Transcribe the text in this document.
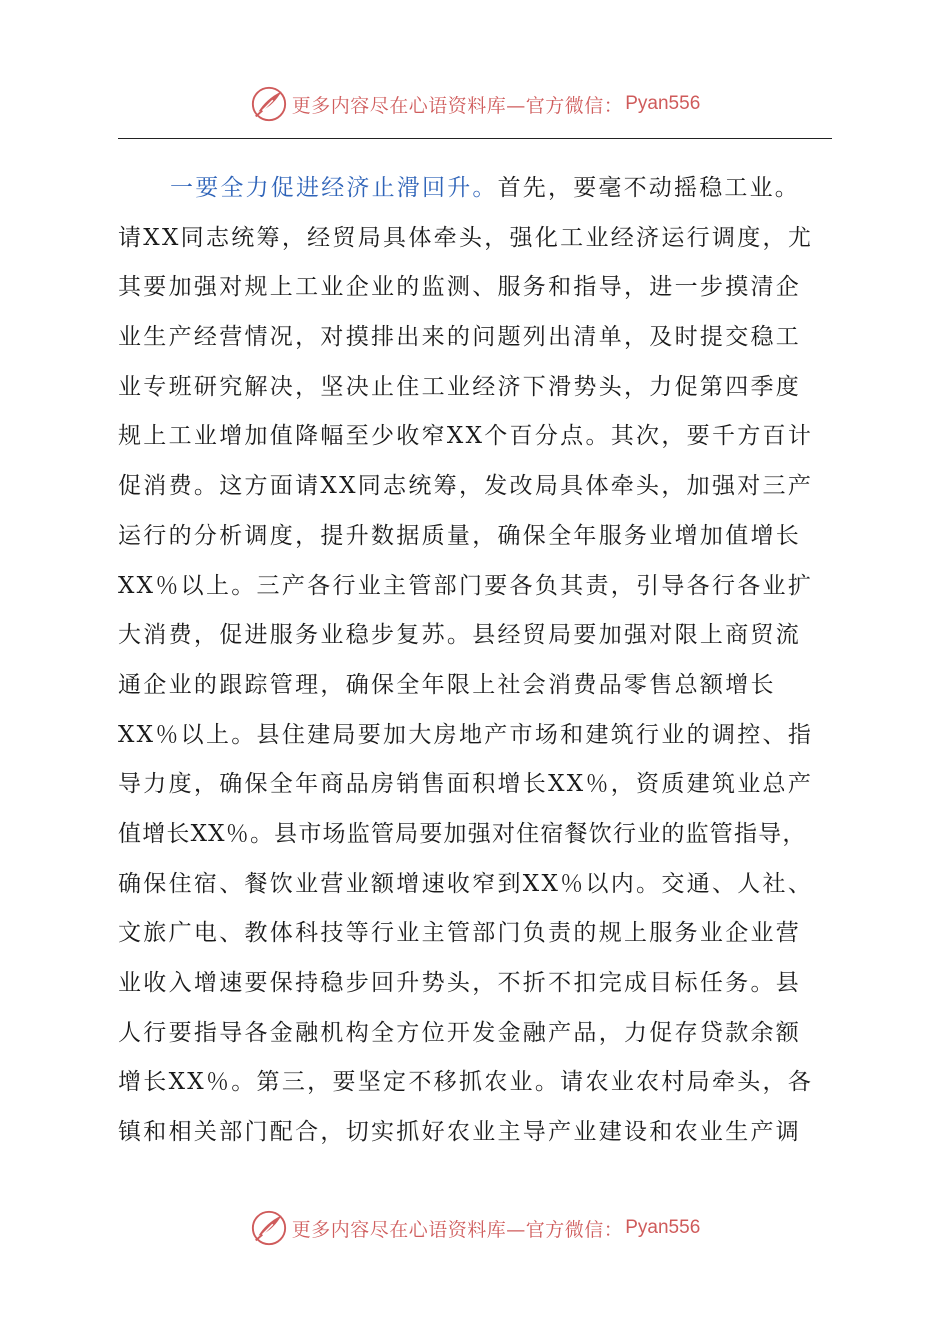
更多内容尽在心语资料库—官方微信： Pyan556
一要全力促进经济止滑回升。首先，要毫不动摇稳工业。
请XX同志统筹，经贸局具体牵头，强化工业经济运行调度，尤
其要加强对规上工业企业的监测、服务和指导，进一步摸清企
业生产经营情况，对摸排出来的问题列出清单，及时提交稳工
业专班研究解决，坚决止住工业经济下滑势头，力促第四季度
规上工业增加值降幅至少收窄XX个百分点。其次，要千方百计
促消费。这方面请XX同志统筹，发改局具体牵头，加强对三产
运行的分析调度，提升数据质量，确保全年服务业增加值增长
XX％以上。三产各行业主管部门要各负其责，引导各行各业扩
大消费，促进服务业稳步复苏。县经贸局要加强对限上商贸流
通企业的跟踪管理，确保全年限上社会消费品零售总额增长
XX％以上。县住建局要加大房地产市场和建筑行业的调控、指
导力度，确保全年商品房销售面积增长XX％，资质建筑业总产
值增长XX％。县市场监管局要加强对住宿餐饮行业的监管指导，
确保住宿、餐饮业营业额增速收窄到XX％以内。交通、人社、
文旅广电、教体科技等行业主管部门负责的规上服务业企业营
业收入增速要保持稳步回升势头，不折不扣完成目标任务。县
人行要指导各金融机构全方位开发金融产品，力促存贷款余额
增长XX％。第三，要坚定不移抓农业。请农业农村局牵头，各
镇和相关部门配合，切实抓好农业主导产业建设和农业生产调
更多内容尽在心语资料库—官方微信： Pyan556
